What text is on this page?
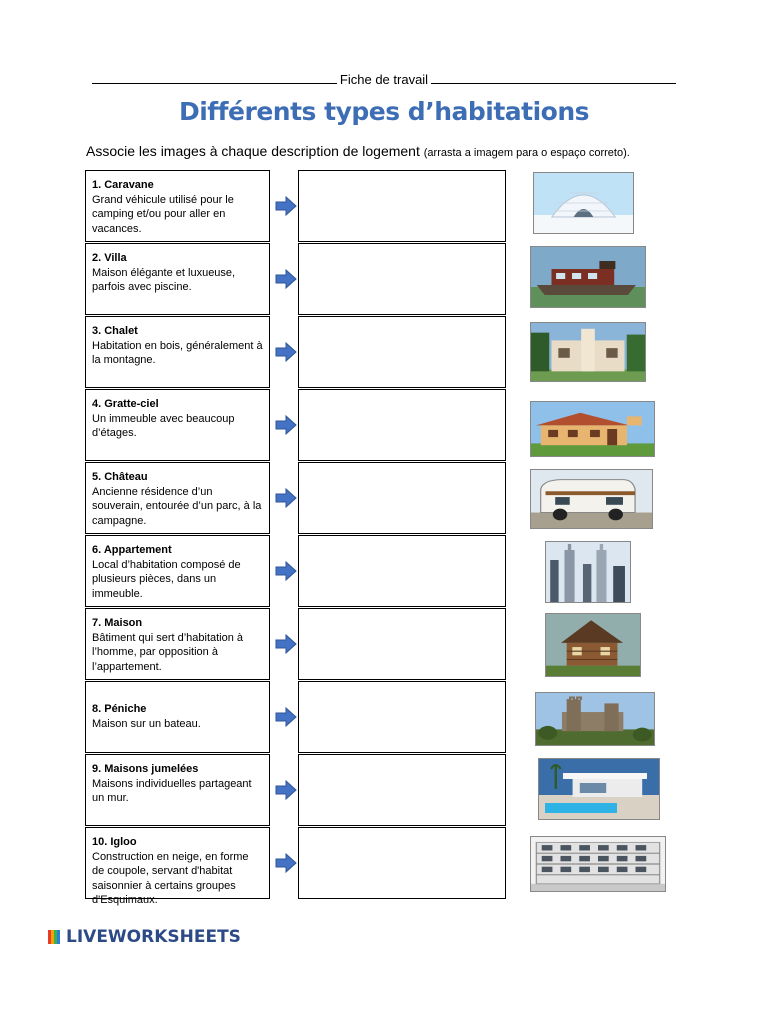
Fiche de travail
Différents types d’habitations
Associe les images à chaque description de logement (arrasta a imagem para o espaço correto).
1. Caravane
Grand véhicule utilisé pour le camping et/ou pour aller en vacances.
2. Villa
Maison élégante et luxueuse, parfois avec piscine.
3. Chalet
Habitation en bois, généralement à la montagne.
4. Gratte-ciel
Un immeuble avec beaucoup d’étages.
5. Château
Ancienne résidence d’un souverain, entourée d’un parc, à la campagne.
6. Appartement
Local d’habitation composé de plusieurs pièces, dans un immeuble.
7. Maison
Bâtiment qui sert d’habitation à l’homme, par opposition à l’appartement.
8. Péniche
Maison sur un bateau.
9. Maisons jumelées
Maisons individuelles partageant un mur.
10. Igloo
Construction en neige, en forme de coupole, servant d'habitat saisonnier à certains groupes d'Esquimaux.
LIVEWORKSHEETS
